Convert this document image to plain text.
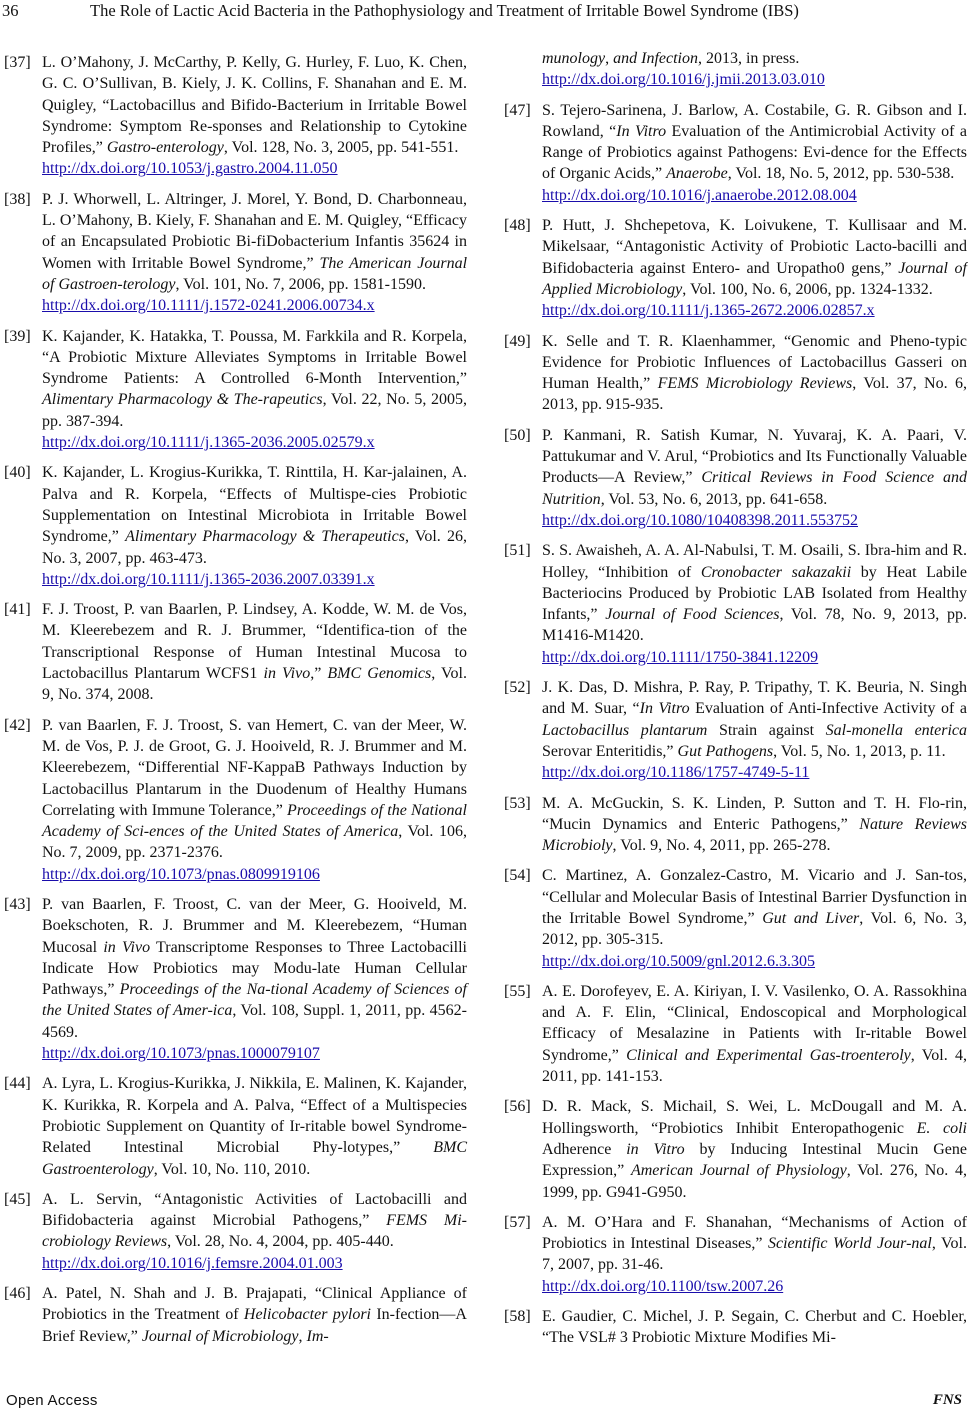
36	The Role of Lactic Acid Bacteria in the Pathophysiology and Treatment of Irritable Bowel Syndrome (IBS)
[37] L. O’Mahony, J. McCarthy, P. Kelly, G. Hurley, F. Luo, K. Chen, G. C. O’Sullivan, B. Kiely, J. K. Collins, F. Shanahan and E. M. Quigley, “Lactobacillus and Bifido-Bacterium in Irritable Bowel Syndrome: Symptom Re-sponses and Relationship to Cytokine Profiles,” Gastro-enterology, Vol. 128, No. 3, 2005, pp. 541-551.
http://dx.doi.org/10.1053/j.gastro.2004.11.050
[38] P. J. Whorwell, L. Altringer, J. Morel, Y. Bond, D. Charbonneau, L. O’Mahony, B. Kiely, F. Shanahan and E. M. Quigley, “Efficacy of an Encapsulated Probiotic Bi-fiDobacterium Infantis 35624 in Women with Irritable Bowel Syndrome,” The American Journal of Gastroen-terology, Vol. 101, No. 7, 2006, pp. 1581-1590.
http://dx.doi.org/10.1111/j.1572-0241.2006.00734.x
[39] K. Kajander, K. Hatakka, T. Poussa, M. Farkkila and R. Korpela, “A Probiotic Mixture Alleviates Symptoms in Irritable Bowel Syndrome Patients: A Controlled 6-Month Intervention,” Alimentary Pharmacology & The-rapeutics, Vol. 22, No. 5, 2005, pp. 387-394.
http://dx.doi.org/10.1111/j.1365-2036.2005.02579.x
[40] K. Kajander, L. Krogius-Kurikka, T. Rinttila, H. Kar-jalainen, A. Palva and R. Korpela, “Effects of Multispe-cies Probiotic Supplementation on Intestinal Microbiota in Irritable Bowel Syndrome,” Alimentary Pharmacology & Therapeutics, Vol. 26, No. 3, 2007, pp. 463-473.
http://dx.doi.org/10.1111/j.1365-2036.2007.03391.x
[41] F. J. Troost, P. van Baarlen, P. Lindsey, A. Kodde, W. M. de Vos, M. Kleerebezem and R. J. Brummer, “Identifica-tion of the Transcriptional Response of Human Intestinal Mucosa to Lactobacillus Plantarum WCFS1 in Vivo,” BMC Genomics, Vol. 9, No. 374, 2008.
[42] P. van Baarlen, F. J. Troost, S. van Hemert, C. van der Meer, W. M. de Vos, P. J. de Groot, G. J. Hooiveld, R. J. Brummer and M. Kleerebezem, “Differential NF-KappaB Pathways Induction by Lactobacillus Plantarum in the Duodenum of Healthy Humans Correlating with Immune Tolerance,” Proceedings of the National Academy of Sci-ences of the United States of America, Vol. 106, No. 7, 2009, pp. 2371-2376.
http://dx.doi.org/10.1073/pnas.0809919106
[43] P. van Baarlen, F. Troost, C. van der Meer, G. Hooiveld, M. Boekschoten, R. J. Brummer and M. Kleerebezem, “Human Mucosal in Vivo Transcriptome Responses to Three Lactobacilli Indicate How Probiotics may Modu-late Human Cellular Pathways,” Proceedings of the Na-tional Academy of Sciences of the United States of Amer-ica, Vol. 108, Suppl. 1, 2011, pp. 4562-4569.
http://dx.doi.org/10.1073/pnas.1000079107
[44] A. Lyra, L. Krogius-Kurikka, J. Nikkila, E. Malinen, K. Kajander, K. Kurikka, R. Korpela and A. Palva, “Effect of a Multispecies Probiotic Supplement on Quantity of Ir-ritable bowel Syndrome-Related Intestinal Microbial Phy-lotypes,” BMC Gastroenterology, Vol. 10, No. 110, 2010.
[45] A. L. Servin, “Antagonistic Activities of Lactobacilli and Bifidobacteria against Microbial Pathogens,” FEMS Mi-crobiology Reviews, Vol. 28, No. 4, 2004, pp. 405-440.
http://dx.doi.org/10.1016/j.femsre.2004.01.003
[46] A. Patel, N. Shah and J. B. Prajapati, “Clinical Appliance of Probiotics in the Treatment of Helicobacter pylori In-fection—A Brief Review,” Journal of Microbiology, Im-
munology, and Infection, 2013, in press.
http://dx.doi.org/10.1016/j.jmii.2013.03.010
[47] S. Tejero-Sarinena, J. Barlow, A. Costabile, G. R. Gibson and I. Rowland, “In Vitro Evaluation of the Antimicrobial Activity of a Range of Probiotics against Pathogens: Evi-dence for the Effects of Organic Acids,” Anaerobe, Vol. 18, No. 5, 2012, pp. 530-538.
http://dx.doi.org/10.1016/j.anaerobe.2012.08.004
[48] P. Hutt, J. Shchepetova, K. Loivukene, T. Kullisaar and M. Mikelsaar, “Antagonistic Activity of Probiotic Lacto-bacilli and Bifidobacteria against Entero- and Uropatho0 gens,” Journal of Applied Microbiology, Vol. 100, No. 6, 2006, pp. 1324-1332.
http://dx.doi.org/10.1111/j.1365-2672.2006.02857.x
[49] K. Selle and T. R. Klaenhammer, “Genomic and Pheno-typic Evidence for Probiotic Influences of Lactobacillus Gasseri on Human Health,” FEMS Microbiology Reviews, Vol. 37, No. 6, 2013, pp. 915-935.
[50] P. Kanmani, R. Satish Kumar, N. Yuvaraj, K. A. Paari, V. Pattukumar and V. Arul, “Probiotics and Its Functionally Valuable Products—A Review,” Critical Reviews in Food Science and Nutrition, Vol. 53, No. 6, 2013, pp. 641-658.
http://dx.doi.org/10.1080/10408398.2011.553752
[51] S. S. Awaisheh, A. A. Al-Nabulsi, T. M. Osaili, S. Ibra-him and R. Holley, “Inhibition of Cronobacter sakazakii by Heat Labile Bacteriocins Produced by Probiotic LAB Isolated from Healthy Infants,” Journal of Food Sciences, Vol. 78, No. 9, 2013, pp. M1416-M1420.
http://dx.doi.org/10.1111/1750-3841.12209
[52] J. K. Das, D. Mishra, P. Ray, P. Tripathy, T. K. Beuria, N. Singh and M. Suar, “In Vitro Evaluation of Anti-Infective Activity of a Lactobacillus plantarum Strain against Sal-monella enterica Serovar Enteritidis,” Gut Pathogens, Vol. 5, No. 1, 2013, p. 11.
http://dx.doi.org/10.1186/1757-4749-5-11
[53] M. A. McGuckin, S. K. Linden, P. Sutton and T. H. Flo-rin, “Mucin Dynamics and Enteric Pathogens,” Nature Reviews Microbioly, Vol. 9, No. 4, 2011, pp. 265-278.
[54] C. Martinez, A. Gonzalez-Castro, M. Vicario and J. San-tos, “Cellular and Molecular Basis of Intestinal Barrier Dysfunction in the Irritable Bowel Syndrome,” Gut and Liver, Vol. 6, No. 3, 2012, pp. 305-315.
http://dx.doi.org/10.5009/gnl.2012.6.3.305
[55] A. E. Dorofeyev, E. A. Kiriyan, I. V. Vasilenko, O. A. Rassokhina and A. F. Elin, “Clinical, Endoscopical and Morphological Efficacy of Mesalazine in Patients with Ir-ritable Bowel Syndrome,” Clinical and Experimental Gas-troenteroly, Vol. 4, 2011, pp. 141-153.
[56] D. R. Mack, S. Michail, S. Wei, L. McDougall and M. A. Hollingsworth, “Probiotics Inhibit Enteropathogenic E. coli Adherence in Vitro by Inducing Intestinal Mucin Gene Expression,” American Journal of Physiology, Vol. 276, No. 4, 1999, pp. G941-G950.
[57] A. M. O’Hara and F. Shanahan, “Mechanisms of Action of Probiotics in Intestinal Diseases,” Scientific World Jour-nal, Vol. 7, 2007, pp. 31-46.
http://dx.doi.org/10.1100/tsw.2007.26
[58] E. Gaudier, C. Michel, J. P. Segain, C. Cherbut and C. Hoebler, “The VSL# 3 Probiotic Mixture Modifies Mi-
Open Access	FNS
